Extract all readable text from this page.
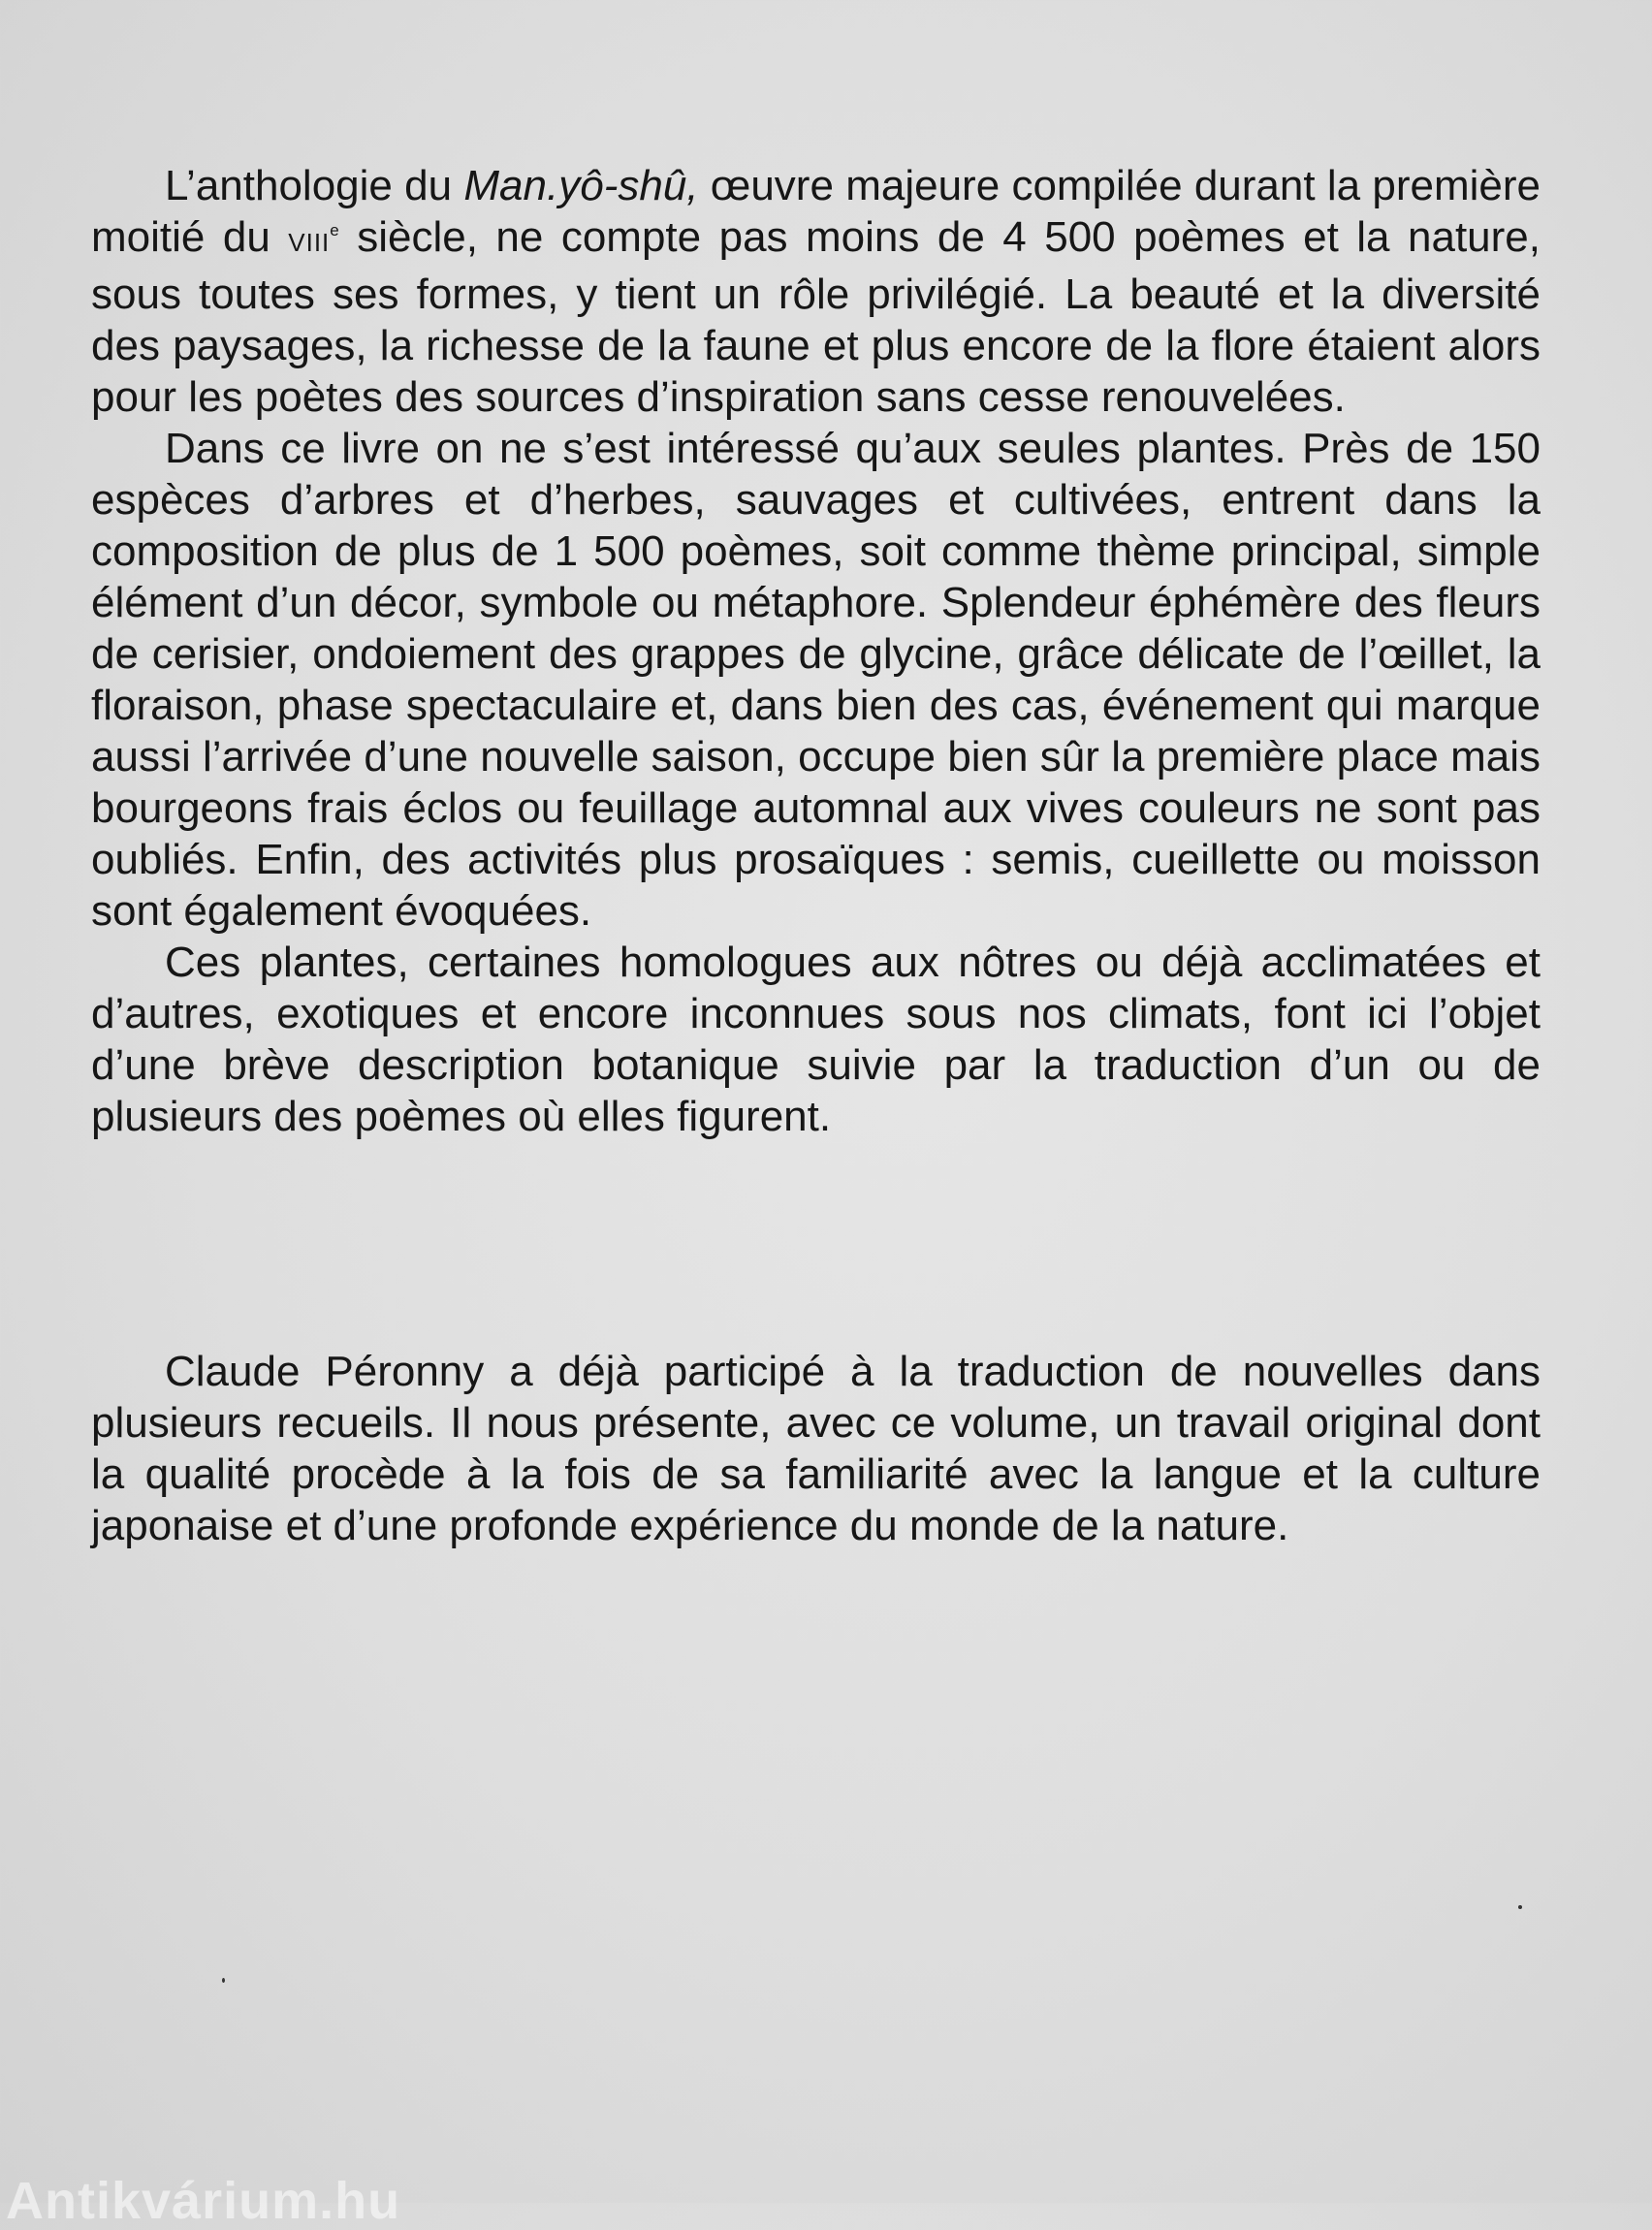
L’anthologie du Man.yô-shû, œuvre majeure compilée durant la première moitié du VIIIe siècle, ne compte pas moins de 4 500 poèmes et la nature, sous toutes ses formes, y tient un rôle privilégié. La beauté et la diversité des paysages, la richesse de la faune et plus encore de la flore étaient alors pour les poètes des sources d’inspiration sans cesse renouvelées.

Dans ce livre on ne s’est intéressé qu’aux seules plantes. Près de 150 espèces d’arbres et d’herbes, sauvages et cultivées, entrent dans la composition de plus de 1 500 poèmes, soit comme thème principal, simple élément d’un décor, symbole ou métaphore. Splendeur éphémère des fleurs de cerisier, ondoiement des grappes de glycine, grâce délicate de l’œillet, la floraison, phase spectaculaire et, dans bien des cas, événement qui marque aussi l’arrivée d’une nouvelle saison, occupe bien sûr la première place mais bourgeons frais éclos ou feuillage automnal aux vives couleurs ne sont pas oubliés. Enfin, des activités plus prosaïques : semis, cueillette ou moisson sont également évoquées.

Ces plantes, certaines homologues aux nôtres ou déjà acclimatées et d’autres, exotiques et encore inconnues sous nos climats, font ici l’objet d’une brève description botanique suivie par la traduction d’un ou de plusieurs des poèmes où elles figurent.

Claude Péronny a déjà participé à la traduction de nouvelles dans plusieurs recueils. Il nous présente, avec ce volume, un travail original dont la qualité procède à la fois de sa familiarité avec la langue et la culture japonaise et d’une profonde expérience du monde de la nature.

Antikvárium.hu
